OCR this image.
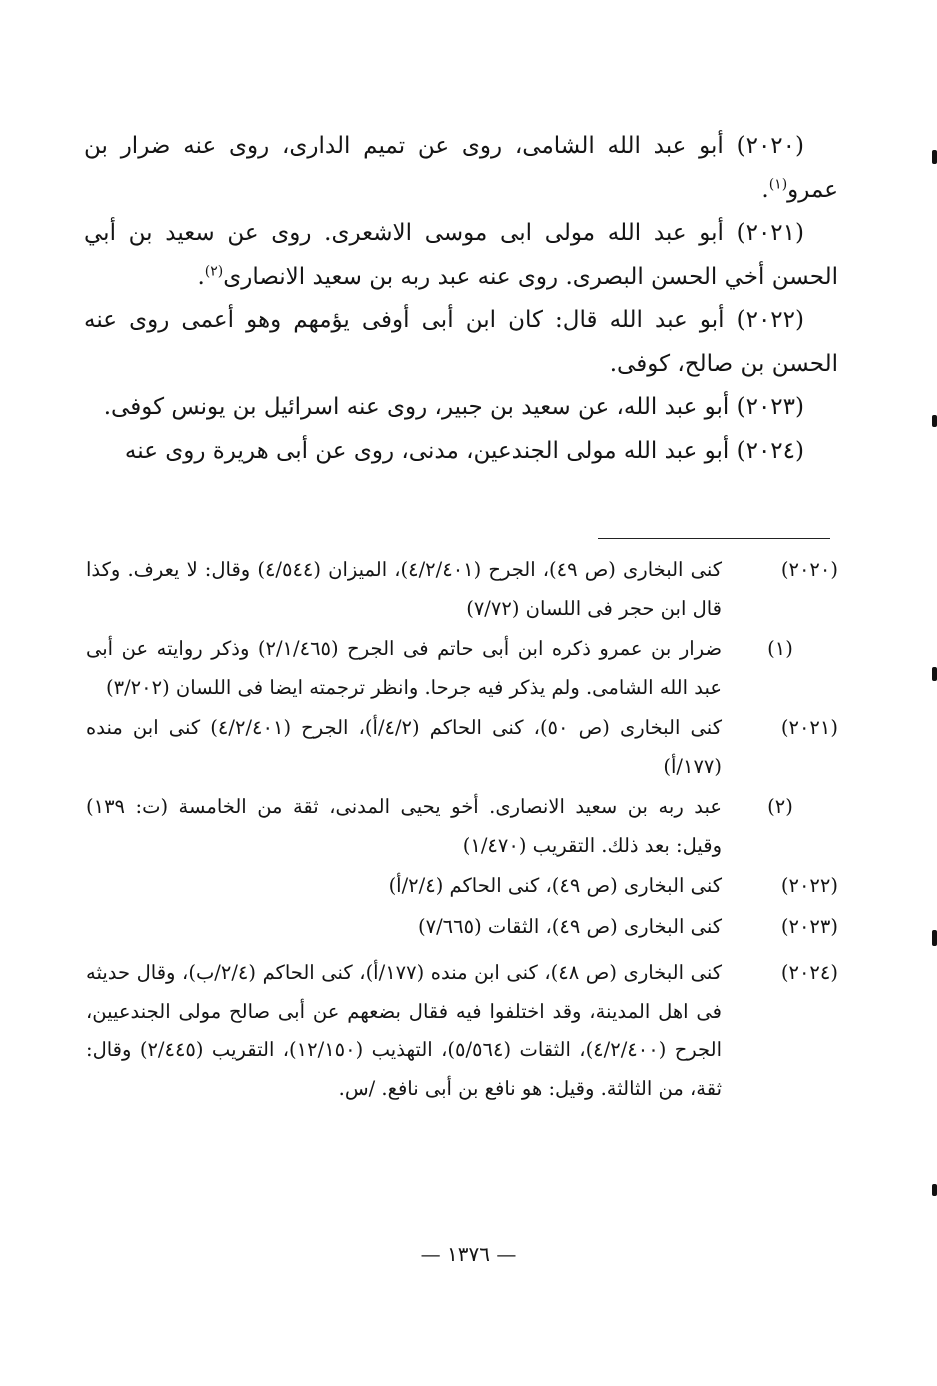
(٢٠٢٠) أبو عبد الله الشامى، روى عن تميم الدارى، روى عنه ضرار بن عمرو$^{(١)}$.

(٢٠٢١) أبو عبد الله مولى ابى موسى الاشعرى. روى عن سعيد بن أبي الحسن أخي الحسن البصرى. روى عنه عبد ربه بن سعيد الانصارى$^{(٢)}$.

(٢٠٢٢) أبو عبد الله قال: كان ابن أبى أوفى يؤمهم وهو أعمى روى عنه الحسن بن صالح، كوفى.

(٢٠٢٣) أبو عبد الله، عن سعيد بن جبير، روى عنه اسرائيل بن يونس كوفى.

(٢٠٢٤) أبو عبد الله مولى الجندعين، مدنى، روى عن أبى هريرة روى عنه

(٢٠٢٠)
كنى البخارى (ص ٤٩)، الجرح (٤/٢/٤٠١)، الميزان (٤/٥٤٤) وقال: لا يعرف. وكذا قال ابن حجر فى اللسان (٧/٧٢)
(١)
ضرار بن عمرو ذكره ابن أبى حاتم فى الجرح (٢/١/٤٦٥) وذكر روايته عن أبى عبد الله الشامى. ولم يذكر فيه جرحا. وانظر ترجمته ايضا فى اللسان (٣/٢٠٢)
(٢٠٢١)
كنى البخارى (ص ٥٠)، كنى الحاكم (٤/٢/أ)، الجرح (٤/٢/٤٠١) كنى ابن منده (١٧٧/أ)
(٢)
عبد ربه بن سعيد الانصارى. أخو يحيى المدنى، ثقة من الخامسة (ت: ١٣٩) وقيل: بعد ذلك. التقريب (١/٤٧٠)
(٢٠٢٢)
كنى البخارى (ص ٤٩)، كنى الحاكم (٢/٤/أ)
(٢٠٢٣)
كنى البخارى (ص ٤٩)، الثقات (٧/٦٦٥)
(٢٠٢٤)
كنى البخارى (ص ٤٨)، كنى ابن منده (١٧٧/أ)، كنى الحاكم (٢/٤/ب)، وقال حديثه فى اهل المدينة، وقد اختلفوا فيه فقال بضعهم عن أبى صالح مولى الجندعيين، الجرح (٤/٢/٤٠٠)، الثقات (٥/٥٦٤)، التهذيب (١٢/١٥٠)، التقريب (٢/٤٤٥) وقال: ثقة، من الثالثة. وقيل: هو نافع بن أبى نافع. /س.
— ١٣٧٦ —
